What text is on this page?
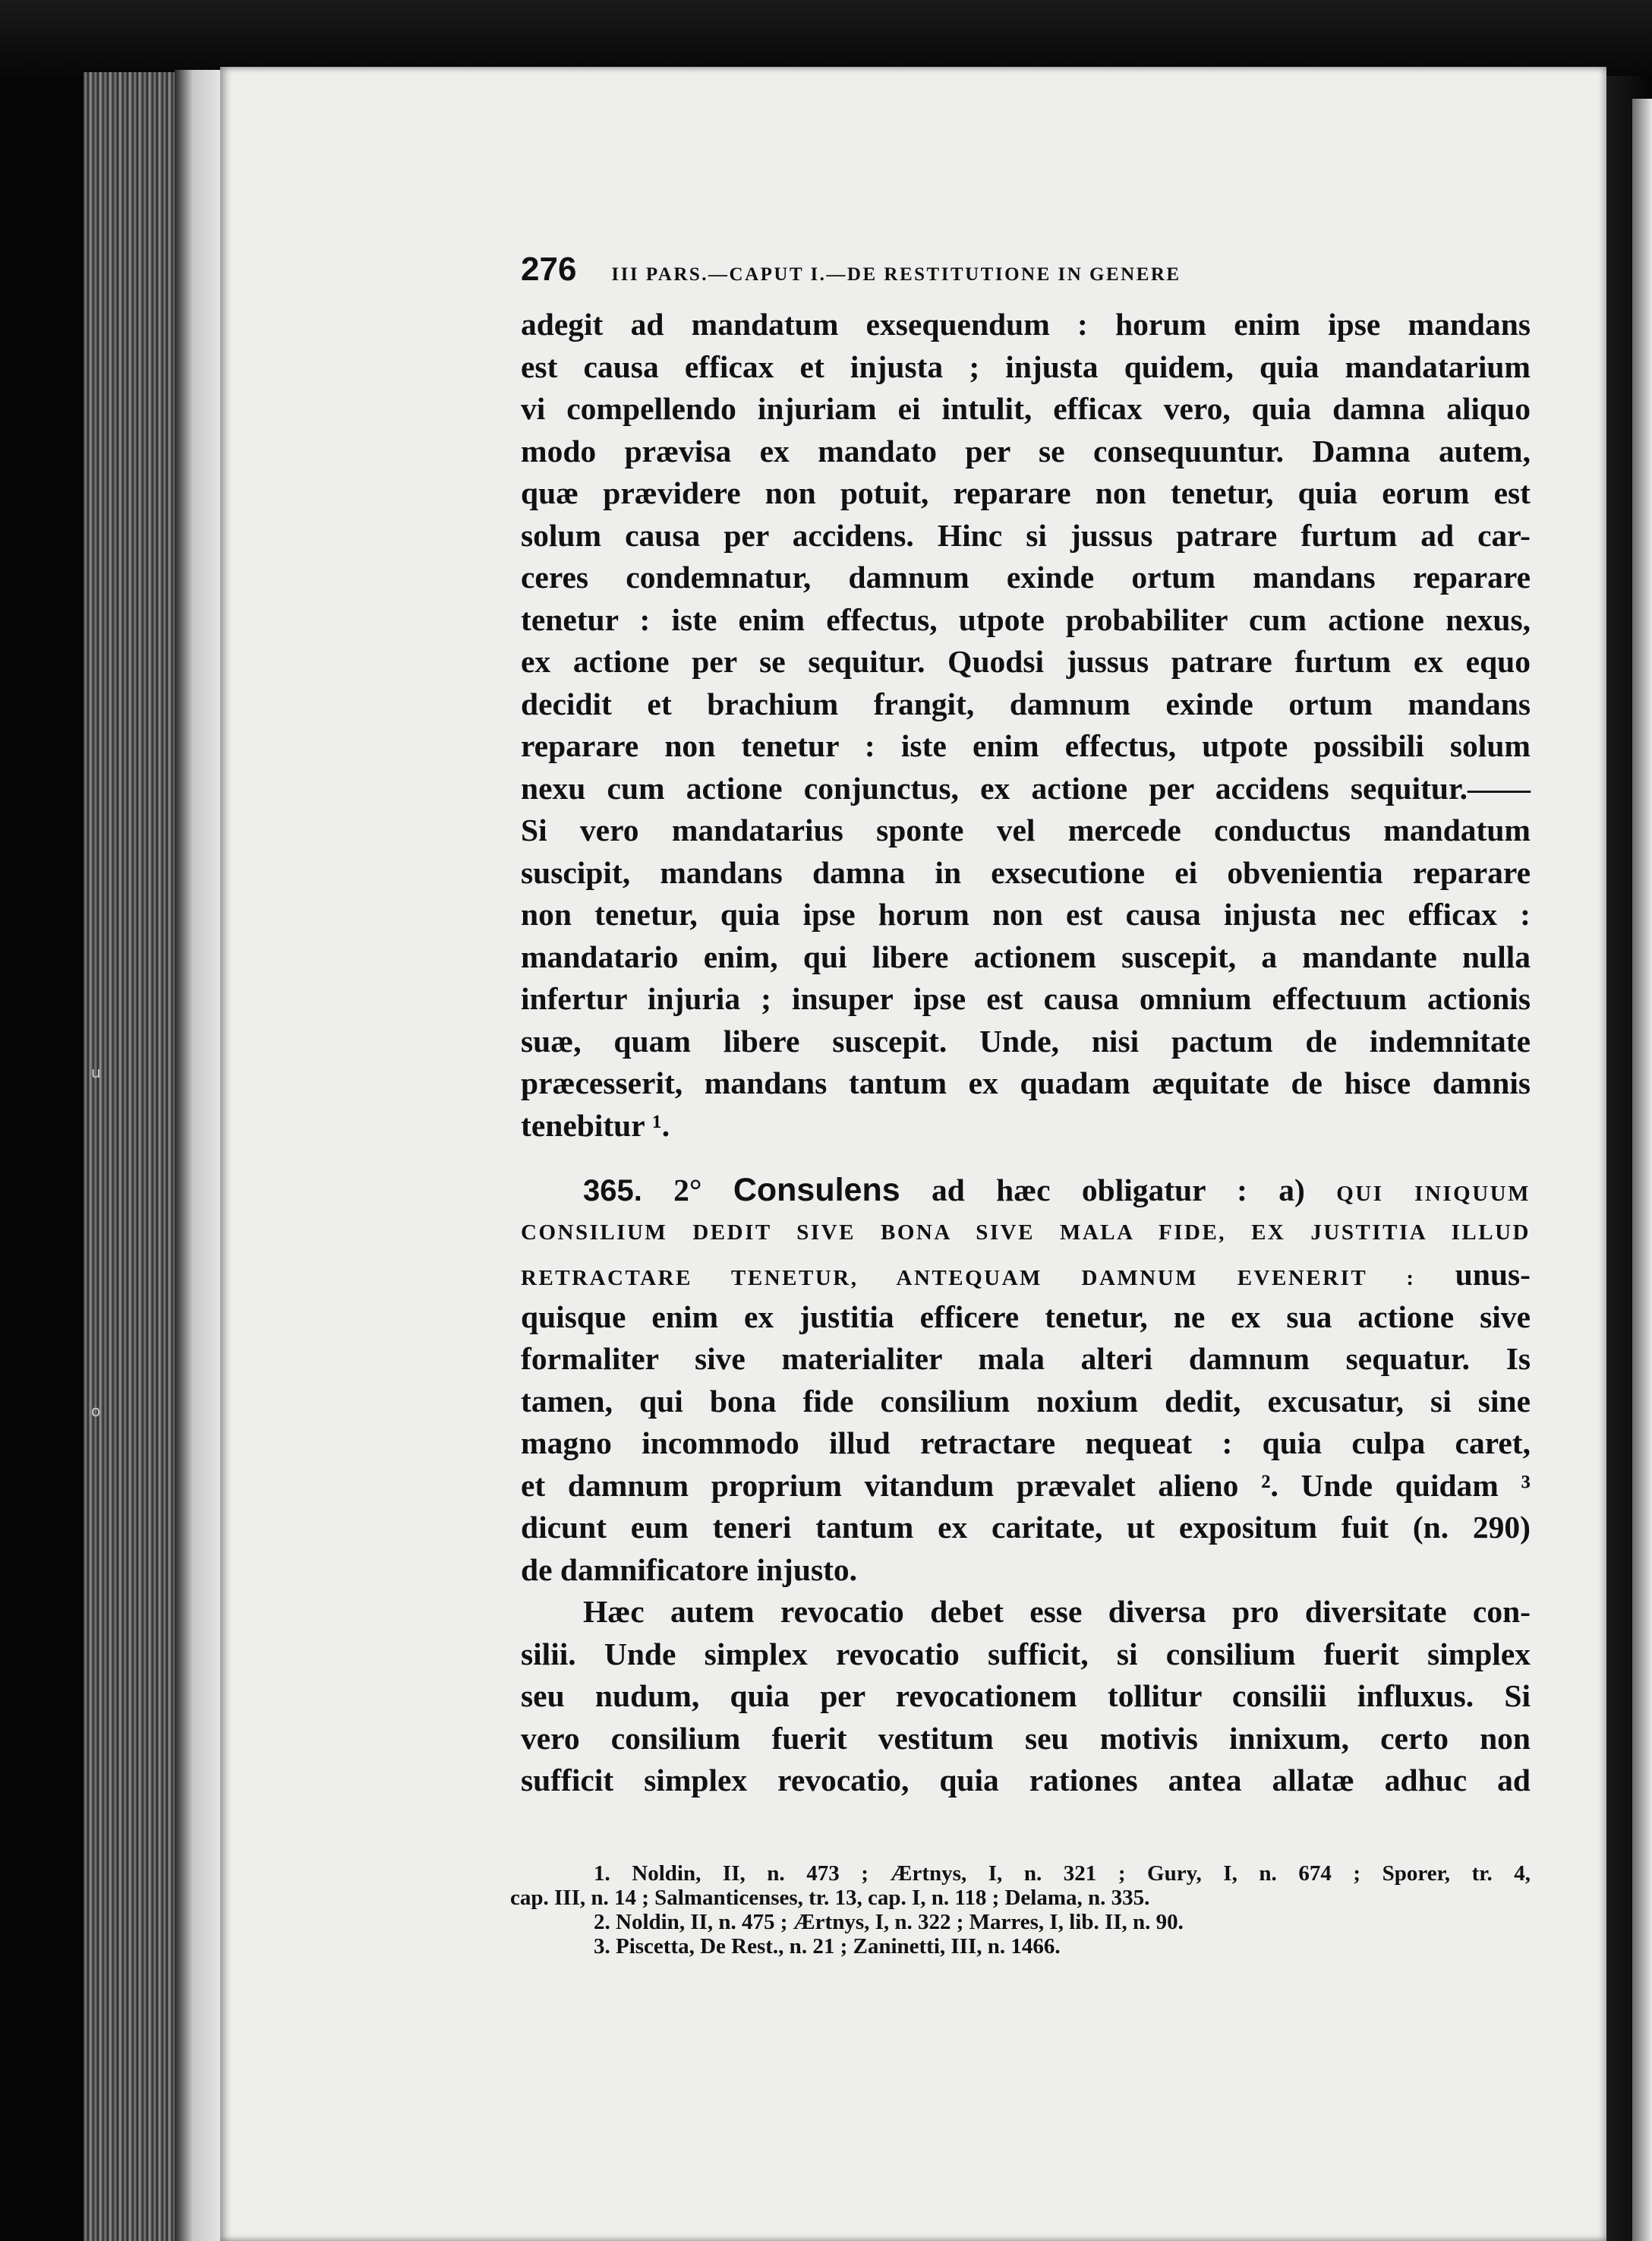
u
o
276 III PARS.—CAPUT I.—DE RESTITUTIONE IN GENERE
adegit ad mandatum exsequendum : horum enim ipse mandans
est causa efficax et injusta ; injusta quidem, quia mandatarium
vi compellendo injuriam ei intulit, efficax vero, quia damna aliquo
modo prævisa ex mandato per se consequuntur. Damna autem,
quæ prævidere non potuit, reparare non tenetur, quia eorum est
solum causa per accidens. Hinc si jussus patrare furtum ad car-
ceres condemnatur, damnum exinde ortum mandans reparare
tenetur : iste enim effectus, utpote probabiliter cum actione nexus,
ex actione per se sequitur. Quodsi jussus patrare furtum ex equo
decidit et brachium frangit, damnum exinde ortum mandans
reparare non tenetur : iste enim effectus, utpote possibili solum
nexu cum actione conjunctus, ex actione per accidens sequitur.——
Si vero mandatarius sponte vel mercede conductus mandatum
suscipit, mandans damna in exsecutione ei obvenientia reparare
non tenetur, quia ipse horum non est causa injusta nec efficax :
mandatario enim, qui libere actionem suscepit, a mandante nulla
infertur injuria ; insuper ipse est causa omnium effectuum actionis
suæ, quam libere suscepit. Unde, nisi pactum de indemnitate
præcesserit, mandans tantum ex quadam æquitate de hisce damnis
tenebitur ¹.
365. 2° Consulens ad hæc obligatur : a) QUI INIQUUM
CONSILIUM DEDIT SIVE BONA SIVE MALA FIDE, EX JUSTITIA ILLUD
RETRACTARE TENETUR, ANTEQUAM DAMNUM EVENERIT : unus-
quisque enim ex justitia efficere tenetur, ne ex sua actione sive
formaliter sive materialiter mala alteri damnum sequatur. Is
tamen, qui bona fide consilium noxium dedit, excusatur, si sine
magno incommodo illud retractare nequeat : quia culpa caret,
et damnum proprium vitandum prævalet alieno ². Unde quidam ³
dicunt eum teneri tantum ex caritate, ut expositum fuit (n. 290)
de damnificatore injusto.
Hæc autem revocatio debet esse diversa pro diversitate con-
silii. Unde simplex revocatio sufficit, si consilium fuerit simplex
seu nudum, quia per revocationem tollitur consilii influxus. Si
vero consilium fuerit vestitum seu motivis innixum, certo non
sufficit simplex revocatio, quia rationes antea allatæ adhuc ad
1. Noldin, II, n. 473 ; Ærtnys, I, n. 321 ; Gury, I, n. 674 ; Sporer, tr. 4,
cap. III, n. 14 ; Salmanticenses, tr. 13, cap. I, n. 118 ; Delama, n. 335.
2. Noldin, II, n. 475 ; Ærtnys, I, n. 322 ; Marres, I, lib. II, n. 90.
3. Piscetta, De Rest., n. 21 ; Zaninetti, III, n. 1466.
